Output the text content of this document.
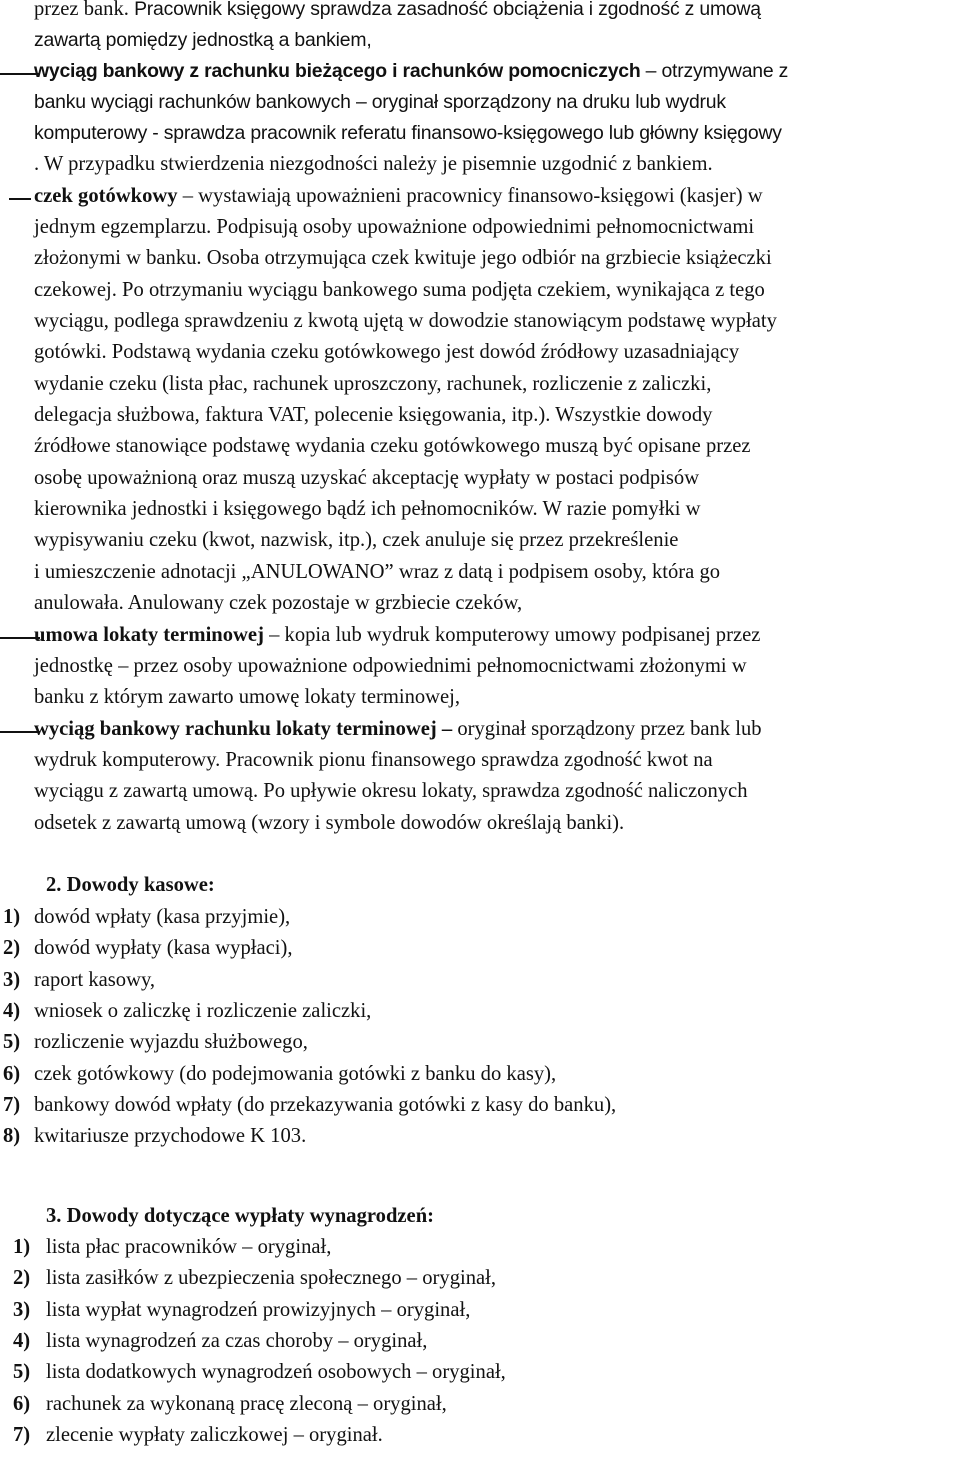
przez bank. Pracownik księgowy sprawdza zasadność obciążenia i zgodność z umową
zawartą pomiędzy jednostką a bankiem,
wyciąg bankowy z rachunku bieżącego i rachunków pomocniczych – otrzymywane z
banku wyciągi rachunków bankowych – oryginał sporządzony na druku lub wydruk
komputerowy - sprawdza pracownik referatu finansowo-księgowego lub główny księgowy
. W przypadku stwierdzenia niezgodności należy je pisemnie uzgodnić z bankiem.
czek gotówkowy – wystawiają upoważnieni pracownicy finansowo-księgowi (kasjer) w
jednym egzemplarzu. Podpisują osoby upoważnione odpowiednimi pełnomocnictwami
złożonymi w banku. Osoba otrzymująca czek kwituje jego odbiór na grzbiecie książeczki
czekowej. Po otrzymaniu wyciągu bankowego suma podjęta czekiem, wynikająca z tego
wyciągu, podlega sprawdzeniu z kwotą ujętą w dowodzie stanowiącym podstawę wypłaty
gotówki. Podstawą wydania czeku gotówkowego jest dowód źródłowy uzasadniający
wydanie czeku (lista płac, rachunek uproszczony, rachunek, rozliczenie z zaliczki,
delegacja służbowa, faktura VAT, polecenie księgowania, itp.). Wszystkie dowody
źródłowe stanowiące podstawę wydania czeku gotówkowego muszą być opisane przez
osobę upoważnioną oraz muszą uzyskać akceptację wypłaty w postaci podpisów
kierownika jednostki i księgowego bądź ich pełnomocników. W razie pomyłki w
wypisywaniu czeku (kwot, nazwisk, itp.), czek anuluje się przez przekreślenie
i umieszczenie adnotacji „ANULOWANO” wraz z datą i podpisem osoby, która go
anulowała. Anulowany czek pozostaje w grzbiecie czeków,
umowa lokaty terminowej – kopia lub wydruk komputerowy umowy podpisanej przez
jednostkę – przez osoby upoważnione odpowiednimi pełnomocnictwami złożonymi w
banku z którym zawarto umowę lokaty terminowej,
wyciąg bankowy rachunku lokaty terminowej – oryginał sporządzony przez bank lub
wydruk komputerowy. Pracownik pionu finansowego sprawdza zgodność kwot na
wyciągu z zawartą umową. Po upływie okresu lokaty, sprawdza zgodność naliczonych
odsetek z zawartą umową (wzory i symbole dowodów określają banki).
2. Dowody kasowe:
1) dowód wpłaty (kasa przyjmie),
2) dowód wypłaty (kasa wypłaci),
3) raport kasowy,
4) wniosek o zaliczkę i rozliczenie zaliczki,
5) rozliczenie wyjazdu służbowego,
6) czek gotówkowy (do podejmowania gotówki z banku do kasy),
7) bankowy dowód wpłaty (do przekazywania gotówki z kasy do banku),
8) kwitariusze przychodowe K 103.
3. Dowody dotyczące wypłaty wynagrodzeń:
1) lista płac pracowników – oryginał,
2) lista zasiłków z ubezpieczenia społecznego – oryginał,
3) lista wypłat wynagrodzeń prowizyjnych – oryginał,
4) lista wynagrodzeń za czas choroby – oryginał,
5) lista dodatkowych wynagrodzeń osobowych – oryginał,
6) rachunek za wykonaną pracę zleconą – oryginał,
7) zlecenie wypłaty zaliczkowej – oryginał.
